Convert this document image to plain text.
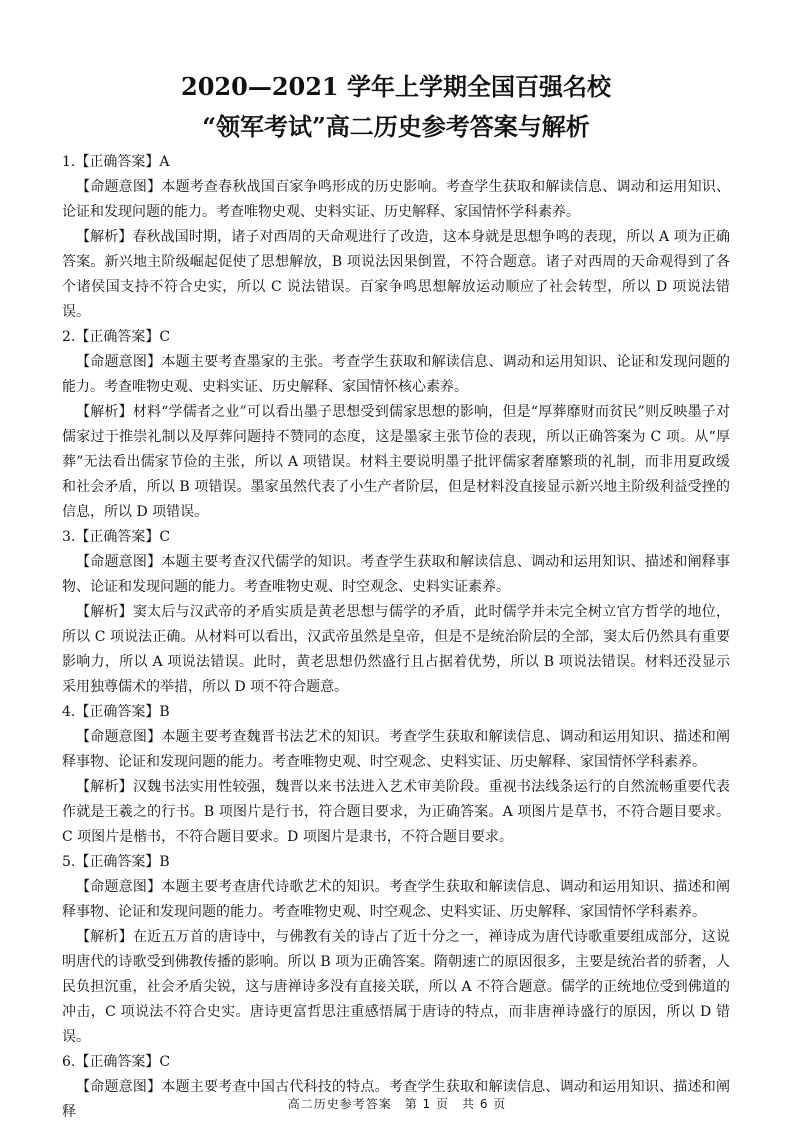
2020—2021 学年上学期全国百强名校
“领军考试”高二历史参考答案与解析

1.【正确答案】A

【命题意图】本题考查春秋战国百家争鸣形成的历史影响。考查学生获取和解读信息、调动和运用知识、论证和发现问题的能力。考查唯物史观、史料实证、历史解释、家国情怀学科素养。

【解析】春秋战国时期，诸子对西周的天命观进行了改造，这本身就是思想争鸣的表现，所以 A 项为正确答案。新兴地主阶级崛起促使了思想解放，B 项说法因果倒置，不符合题意。诸子对西周的天命观得到了各个诸侯国支持不符合史实，所以 C 说法错误。百家争鸣思想解放运动顺应了社会转型，所以 D 项说法错误。

2.【正确答案】C

【命题意图】本题主要考查墨家的主张。考查学生获取和解读信息、调动和运用知识、论证和发现问题的能力。考查唯物史观、史料实证、历史解释、家国情怀核心素养。

【解析】材料“学儒者之业”可以看出墨子思想受到儒家思想的影响，但是“厚葬靡财而贫民”则反映墨子对儒家过于推崇礼制以及厚葬问题持不赞同的态度，这是墨家主张节俭的表现，所以正确答案为 C 项。从“厚葬”无法看出儒家节俭的主张，所以 A 项错误。材料主要说明墨子批评儒家奢靡繁琐的礼制，而非用夏政缓和社会矛盾，所以 B 项错误。墨家虽然代表了小生产者阶层，但是材料没直接显示新兴地主阶级利益受挫的信息，所以 D 项错误。

3.【正确答案】C

【命题意图】本题主要考查汉代儒学的知识。考查学生获取和解读信息、调动和运用知识、描述和阐释事物、论证和发现问题的能力。考查唯物史观、时空观念、史料实证素养。

【解析】窦太后与汉武帝的矛盾实质是黄老思想与儒学的矛盾，此时儒学并未完全树立官方哲学的地位，所以 C 项说法正确。从材料可以看出，汉武帝虽然是皇帝，但是不是统治阶层的全部，窦太后仍然具有重要影响力，所以 A 项说法错误。此时，黄老思想仍然盛行且占据着优势，所以 B 项说法错误。材料还没显示采用独尊儒术的举措，所以 D 项不符合题意。

4.【正确答案】B

【命题意图】本题主要考查魏晋书法艺术的知识。考查学生获取和解读信息、调动和运用知识、描述和阐释事物、论证和发现问题的能力。考查唯物史观、时空观念、史料实证、历史解释、家国情怀学科素养。

【解析】汉魏书法实用性较强，魏晋以来书法进入艺术审美阶段。重视书法线条运行的自然流畅重要代表作就是王羲之的行书。B 项图片是行书，符合题目要求，为正确答案。A 项图片是草书，不符合题目要求。C 项图片是楷书，不符合题目要求。D 项图片是隶书，不符合题目要求。

5.【正确答案】B

【命题意图】本题主要考查唐代诗歌艺术的知识。考查学生获取和解读信息、调动和运用知识、描述和阐释事物、论证和发现问题的能力。考查唯物史观、时空观念、史料实证、历史解释、家国情怀学科素养。

【解析】在近五万首的唐诗中，与佛教有关的诗占了近十分之一，禅诗成为唐代诗歌重要组成部分，这说明唐代的诗歌受到佛教传播的影响。所以 B 项为正确答案。隋朝速亡的原因很多，主要是统治者的骄奢，人民负担沉重，社会矛盾尖锐，这与唐禅诗多没有直接关联，所以 A 不符合题意。儒学的正统地位受到佛道的冲击，C 项说法不符合史实。唐诗更富哲思注重感悟属于唐诗的特点，而非唐禅诗盛行的原因，所以 D 错误。

6.【正确答案】C

【命题意图】本题主要考查中国古代科技的特点。考查学生获取和解读信息、调动和运用知识、描述和阐释	高二历史参考答案　第 1 页　共 6 页
